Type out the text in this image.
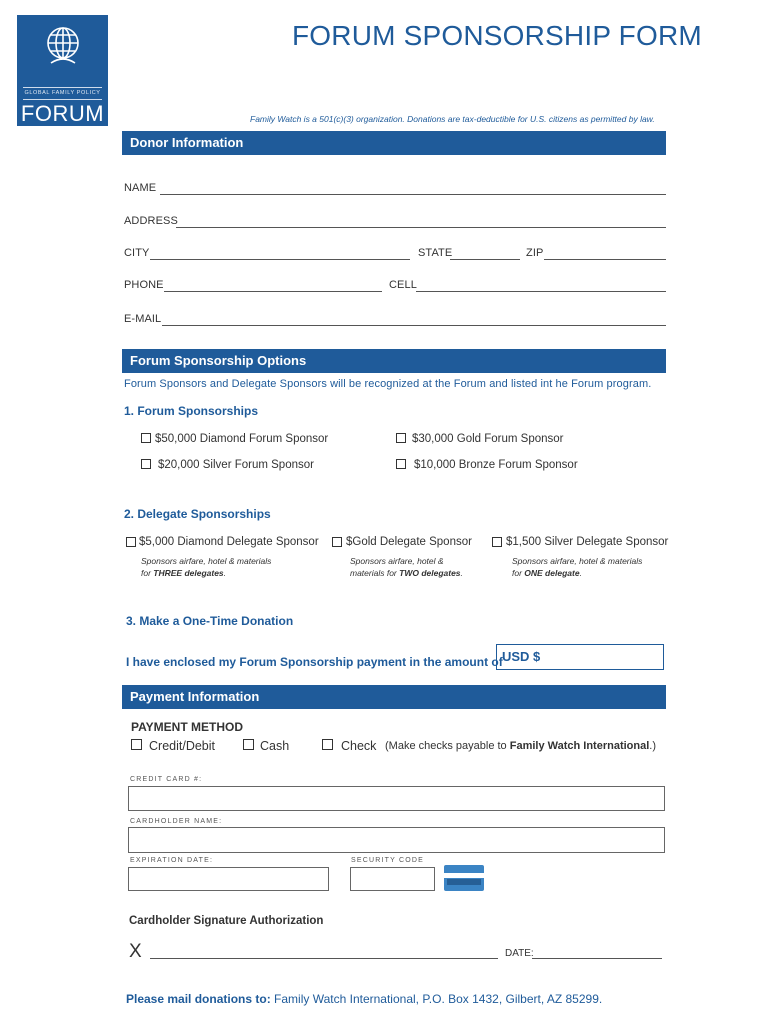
GLOBAL FAMILY POLICY
FORUM
FORUM SPONSORSHIP FORM
Family Watch is a 501(c)(3) organization. Donations are tax-deductible for U.S. citizens as permitted by law.
Donor Information
NAME
ADDRESS
CITY	STATE	ZIP
PHONE	CELL
E-MAIL
Forum Sponsorship Options
Forum Sponsors and Delegate Sponsors will be recognized at the Forum and listed int he Forum program.
1. Forum Sponsorships
$50,000 Diamond Forum Sponsor	$30,000 Gold Forum Sponsor
$20,000 Silver Forum Sponsor	$10,000 Bronze Forum Sponsor
2. Delegate Sponsorships
$5,000 Diamond Delegate Sponsor
Sponsors airfare, hotel & materials
for THREE delegates.
$Gold Delegate Sponsor
Sponsors airfare, hotel &
materials for TWO delegates.
$1,500 Silver Delegate Sponsor
Sponsors airfare, hotel & materials
for ONE delegate.
3. Make a One-Time Donation
I have enclosed my Forum Sponsorship payment in the amount of USD $
Payment Information
PAYMENT METHOD
Credit/Debit	Cash	Check (Make checks payable to Family Watch International.)
CREDIT CARD #:
CARDHOLDER NAME:
EXPIRATION DATE:	SECURITY CODE
Cardholder Signature Authorization
X	DATE:
Please mail donations to: Family Watch International, P.O. Box 1432, Gilbert, AZ 85299.
